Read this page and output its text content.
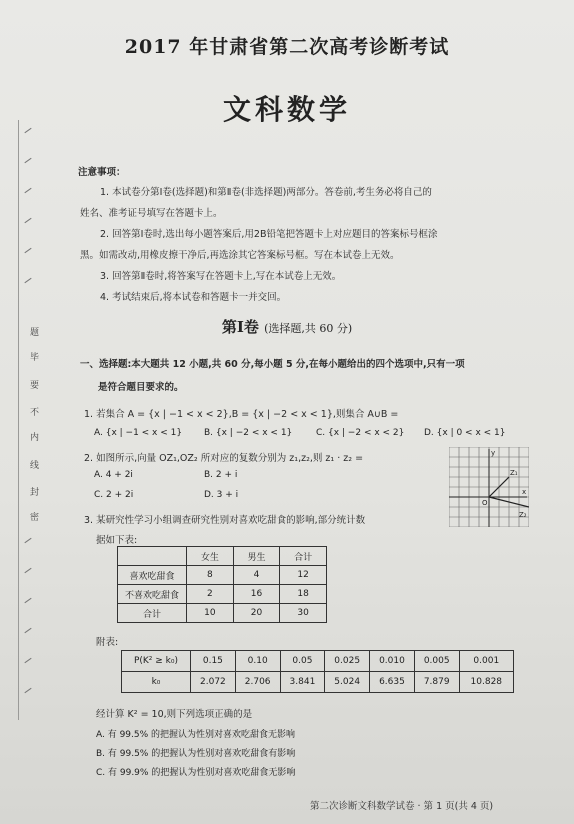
题
毕
要
不
内
线
封
密
2017 年甘肃省第二次高考诊断考试
文科数学
注意事项：
1. 本试卷分第Ⅰ卷(选择题)和第Ⅱ卷(非选择题)两部分。答卷前,考生务必将自己的
姓名、准考证号填写在答题卡上。
2. 回答第Ⅰ卷时,选出每小题答案后,用2B铅笔把答题卡上对应题目的答案标号框涂
黑。如需改动,用橡皮擦干净后,再选涂其它答案标号框。写在本试卷上无效。
3. 回答第Ⅱ卷时,将答案写在答题卡上,写在本试卷上无效。
4. 考试结束后,将本试卷和答题卡一并交回。
第Ⅰ卷 (选择题,共 60 分)
一、选择题:本大题共 12 小题,共 60 分,每小题 5 分,在每小题给出的四个选项中,只有一项
是符合题目要求的。
1. 若集合 A = {x | −1 < x < 2},B = {x | −2 < x < 1},则集合 A∪B =
A. {x | −1 < x < 1} B. {x | −2 < x < 1}	C. {x | −2 < x < 2} D. {x | 0 < x < 1}
2. 如图所示,向量 OZ₁,OZ₂ 所对应的复数分别为 z₁,z₂,则 z₁ · z₂ =
A. 4 + 2i	B. 2 + i
C. 2 + 2i	D. 3 + i
y
x
O
Z₁
Z₂
3. 某研究性学习小组调查研究性别对喜欢吃甜食的影响,部分统计数
据如下表:
	女生	男生	合计
喜欢吃甜食	8	4	12
不喜欢吃甜食	2	16	18
合计	10	20	30
附表:
P(K² ≥ k₀)	0.15	0.10	0.05	0.025	0.010	0.005	0.001
k₀	2.072	2.706	3.841	5.024	6.635	7.879	10.828
经计算 K² = 10,则下列选项正确的是
A. 有 99.5% 的把握认为性别对喜欢吃甜食无影响
B. 有 99.5% 的把握认为性别对喜欢吃甜食有影响
C. 有 99.9% 的把握认为性别对喜欢吃甜食无影响
第二次诊断文科数学试卷 · 第 1 页(共 4 页)
